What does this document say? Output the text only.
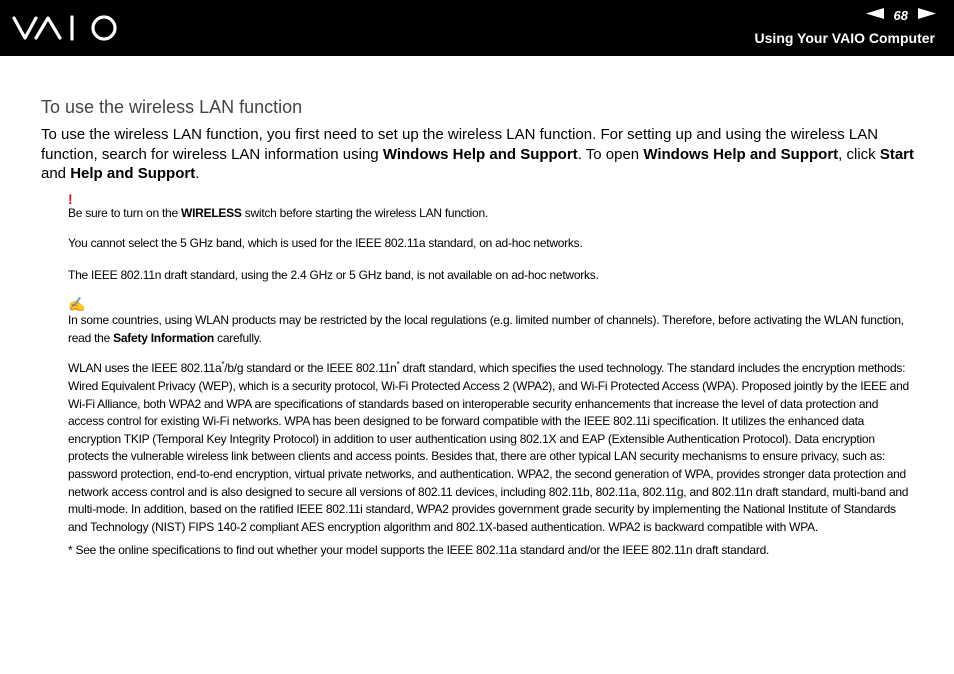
68
Using Your VAIO Computer
To use the wireless LAN function

To use the wireless LAN function, you first need to set up the wireless LAN function. For setting up and using the wireless LAN function, search for wireless LAN information using Windows Help and Support. To open Windows Help and Support, click Start and Help and Support.

!

Be sure to turn on the WIRELESS switch before starting the wireless LAN function.

You cannot select the 5 GHz band, which is used for the IEEE 802.11a standard, on ad-hoc networks.

The IEEE 802.11n draft standard, using the 2.4 GHz or 5 GHz band, is not available on ad-hoc networks.

✍

In some countries, using WLAN products may be restricted by the local regulations (e.g. limited number of channels). Therefore, before activating the WLAN function, read the Safety Information carefully.

WLAN uses the IEEE 802.11a*/b/g standard or the IEEE 802.11n* draft standard, which specifies the used technology. The standard includes the encryption methods: Wired Equivalent Privacy (WEP), which is a security protocol, Wi-Fi Protected Access 2 (WPA2), and Wi-Fi Protected Access (WPA). Proposed jointly by the IEEE and Wi-Fi Alliance, both WPA2 and WPA are specifications of standards based on interoperable security enhancements that increase the level of data protection and access control for existing Wi-Fi networks. WPA has been designed to be forward compatible with the IEEE 802.11i specification. It utilizes the enhanced data encryption TKIP (Temporal Key Integrity Protocol) in addition to user authentication using 802.1X and EAP (Extensible Authentication Protocol). Data encryption protects the vulnerable wireless link between clients and access points. Besides that, there are other typical LAN security mechanisms to ensure privacy, such as: password protection, end-to-end encryption, virtual private networks, and authentication. WPA2, the second generation of WPA, provides stronger data protection and network access control and is also designed to secure all versions of 802.11 devices, including 802.11b, 802.11a, 802.11g, and 802.11n draft standard, multi-band and multi-mode. In addition, based on the ratified IEEE 802.11i standard, WPA2 provides government grade security by implementing the National Institute of Standards and Technology (NIST) FIPS 140-2 compliant AES encryption algorithm and 802.1X-based authentication. WPA2 is backward compatible with WPA.

* See the online specifications to find out whether your model supports the IEEE 802.11a standard and/or the IEEE 802.11n draft standard.
